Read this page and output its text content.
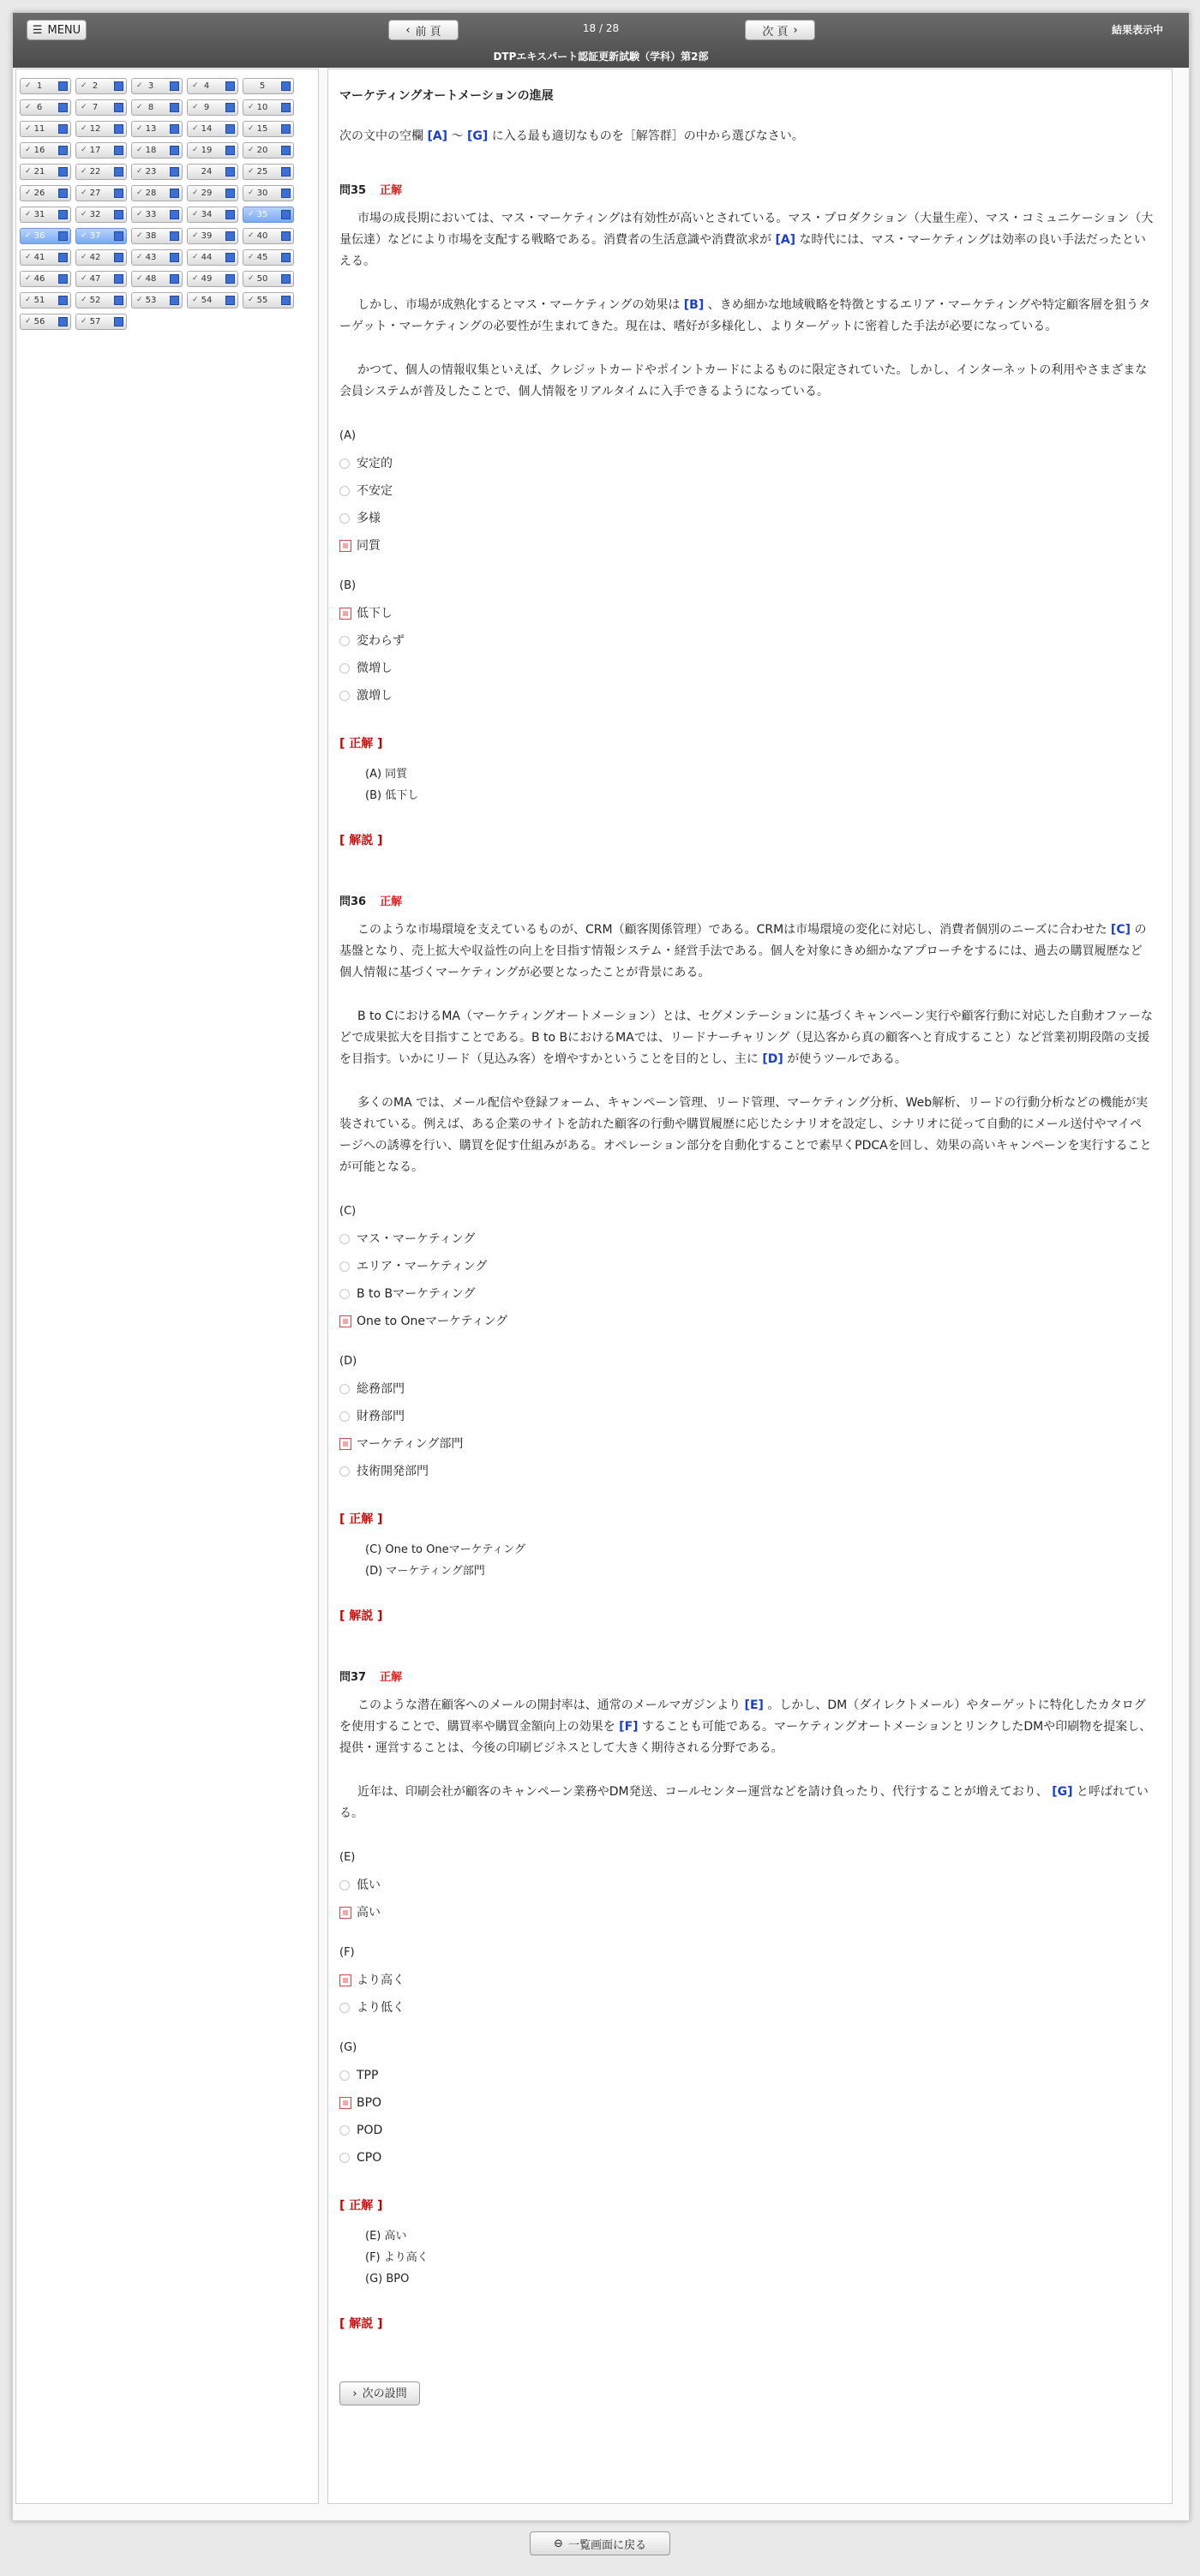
☰ MENU	‹ 前 頁	18 / 28	次 頁 ›	結果表示中
DTPエキスパート認証更新試験（学科）第2部
✓ 1	✓ 2	✓ 3	✓ 4	5
✓ 6	✓ 7	✓ 8	✓ 9	✓ 10
✓ 11	✓ 12	✓ 13	✓ 14	✓ 15
✓ 16	✓ 17	✓ 18	✓ 19	✓ 20
✓ 21	✓ 22	✓ 23	24	✓ 25
✓ 26	✓ 27	✓ 28	✓ 29	✓ 30
✓ 31	✓ 32	✓ 33	✓ 34	✓ 35
✓ 36	✓ 37	✓ 38	✓ 39	✓ 40
✓ 41	✓ 42	✓ 43	✓ 44	✓ 45
✓ 46	✓ 47	✓ 48	✓ 49	✓ 50
✓ 51	✓ 52	✓ 53	✓ 54	✓ 55
✓ 56	✓ 57

マーケティングオートメーションの進展

次の文中の空欄 [A] 〜 [G] に入る最も適切なものを［解答群］の中から選びなさい。

問35 正解

市場の成長期においては、マス・マーケティングは有効性が高いとされている。マス・プロダクション（大量生産）、マス・コミュニケーション（大量伝達）などにより市場を支配する戦略である。消費者の生活意識や消費欲求が [A] な時代には、マス・マーケティングは効率の良い手法だったといえる。

しかし、市場が成熟化するとマス・マーケティングの効果は [B] 、きめ細かな地域戦略を特徴とするエリア・マーケティングや特定顧客層を狙うターゲット・マーケティングの必要性が生まれてきた。現在は、嗜好が多様化し、よりターゲットに密着した手法が必要になっている。

かつて、個人の情報収集といえば、クレジットカードやポイントカードによるものに限定されていた。しかし、インターネットの利用やさまざまな会員システムが普及したことで、個人情報をリアルタイムに入手できるようになっている。

(A)
安定的
不安定
多様
同質
(B)
低下し
変わらず
微増し
激増し
[ 正解 ]
(A) 同質
(B) 低下し
[ 解説 ]

問36 正解

このような市場環境を支えているものが、CRM（顧客関係管理）である。CRMは市場環境の変化に対応し、消費者個別のニーズに合わせた [C] の基盤となり、売上拡大や収益性の向上を目指す情報システム・経営手法である。個人を対象にきめ細かなアプローチをするには、過去の購買履歴など個人情報に基づくマーケティングが必要となったことが背景にある。

B to CにおけるMA（マーケティングオートメーション）とは、セグメンテーションに基づくキャンペーン実行や顧客行動に対応した自動オファーなどで成果拡大を目指すことである。B to BにおけるMAでは、リードナーチャリング（見込客から真の顧客へと育成すること）など営業初期段階の支援を目指す。いかにリード（見込み客）を増やすかということを目的とし、主に [D] が使うツールである。

多くのMA では、メール配信や登録フォーム、キャンペーン管理、リード管理、マーケティング分析、Web解析、リードの行動分析などの機能が実装されている。例えば、ある企業のサイトを訪れた顧客の行動や購買履歴に応じたシナリオを設定し、シナリオに従って自動的にメール送付やマイページへの誘導を行い、購買を促す仕組みがある。オペレーション部分を自動化することで素早くPDCAを回し、効果の高いキャンペーンを実行することが可能となる。

(C)
マス・マーケティング
エリア・マーケティング
B to Bマーケティング
One to Oneマーケティング
(D)
総務部門
財務部門
マーケティング部門
技術開発部門
[ 正解 ]
(C) One to Oneマーケティング
(D) マーケティング部門
[ 解説 ]

問37 正解

このような潜在顧客へのメールの開封率は、通常のメールマガジンより [E] 。しかし、DM（ダイレクトメール）やターゲットに特化したカタログを使用することで、購買率や購買金額向上の効果を [F] することも可能である。マーケティングオートメーションとリンクしたDMや印刷物を提案し、提供・運営することは、今後の印刷ビジネスとして大きく期待される分野である。

近年は、印刷会社が顧客のキャンペーン業務やDM発送、コールセンター運営などを請け負ったり、代行することが増えており、 [G] と呼ばれている。

(E)
低い
高い
(F)
より高く
より低く
(G)
TPP
BPO
POD
CPO
[ 正解 ]
(E) 高い
(F) より高く
(G) BPO
[ 解説 ]
› 次の設問
⊖ 一覧画面に戻る
